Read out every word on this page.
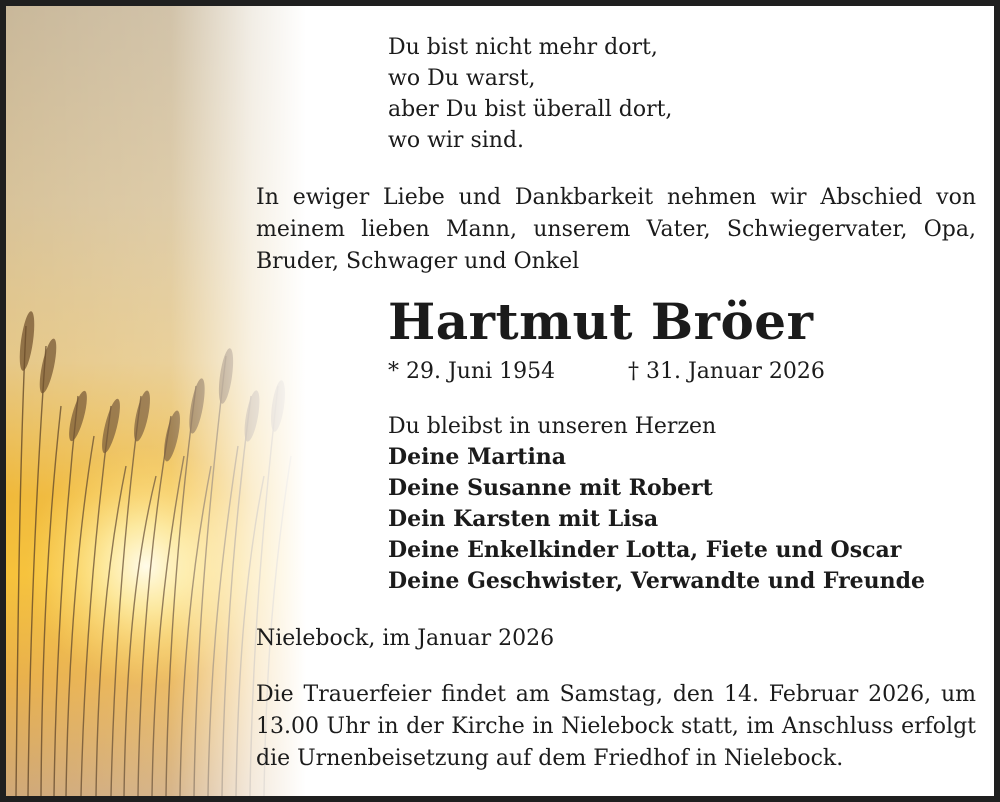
Du bist nicht mehr dort,
wo Du warst,
aber Du bist überall dort,
wo wir sind.
In ewiger Liebe und Dankbarkeit nehmen wir Abschied von
meinem lieben Mann, unserem Vater, Schwiegervater, Opa,
Bruder, Schwager und Onkel
Hartmut Bröer
* 29. Juni 1954	† 31. Januar 2026
Du bleibst in unseren Herzen
Deine Martina
Deine Susanne mit Robert
Dein Karsten mit Lisa
Deine Enkelkinder Lotta, Fiete und Oscar
Deine Geschwister, Verwandte und Freunde
Nielebock, im Januar 2026
Die Trauerfeier findet am Samstag, den 14. Februar 2026, um
13.00 Uhr in der Kirche in Nielebock statt, im Anschluss erfolgt
die Urnenbeisetzung auf dem Friedhof in Nielebock.
